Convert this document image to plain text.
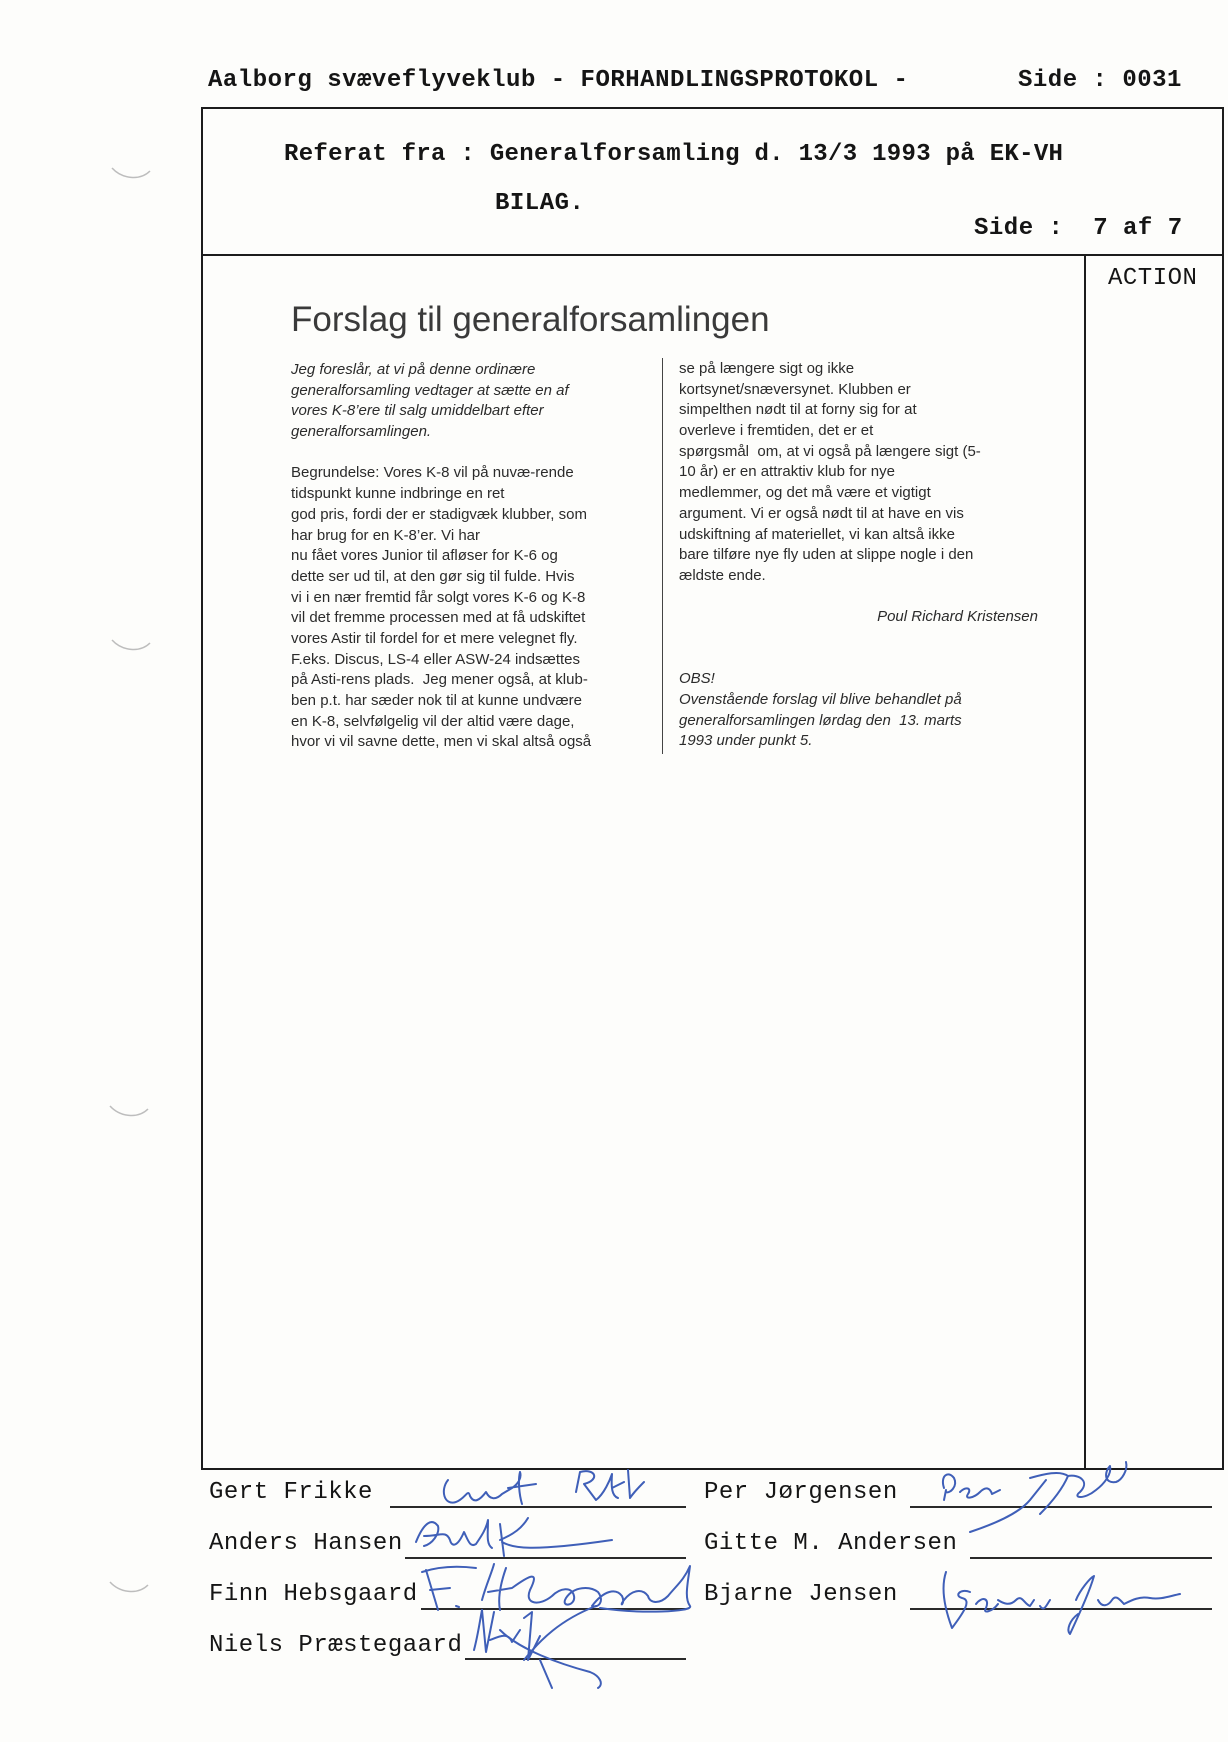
Aalborg svæveflyveklub - FORHANDLINGSPROTOKOL -	Side : 0031
Referat fra : Generalforsamling d. 13/3 1993 på EK-VH
BILAG.
Side :  7 af 7
ACTION
Forslag til generalforsamlingen
Jeg foreslår, at vi på denne ordinære
generalforsamling vedtager at sætte en af
vores K-8’ere til salg umiddelbart efter
generalforsamlingen.
Begrundelse: Vores K-8 vil på nuvæ-rende
tidspunkt kunne indbringe en ret
god pris, fordi der er stadigvæk klubber, som
har brug for en K-8’er. Vi har
nu fået vores Junior til afløser for K-6 og
dette ser ud til, at den gør sig til fulde. Hvis
vi i en nær fremtid får solgt vores K-6 og K-8
vil det fremme processen med at få udskiftet
vores Astir til fordel for et mere velegnet fly.
F.eks. Discus, LS-4 eller ASW-24 indsættes
på Asti-rens plads.  Jeg mener også, at klub-
ben p.t. har sæder nok til at kunne undvære
en K-8, selvfølgelig vil der altid være dage,
hvor vi vil savne dette, men vi skal altså også
se på længere sigt og ikke
kortsynet/snæversynet. Klubben er
simpelthen nødt til at forny sig for at
overleve i fremtiden, det er et
spørgsmål  om, at vi også på længere sigt (5-
10 år) er en attraktiv klub for nye
medlemmer, og det må være et vigtigt
argument. Vi er også nødt til at have en vis
udskiftning af materiellet, vi kan altså ikke
bare tilføre nye fly uden at slippe nogle i den
ældste ende.
Poul Richard Kristensen
OBS!
Ovenstående forslag vil blive behandlet på
generalforsamlingen lørdag den  13. marts
1993 under punkt 5.
Gert Frikke
Anders Hansen
Finn Hebsgaard
Niels Præstegaard
Per Jørgensen
Gitte M. Andersen
Bjarne Jensen
